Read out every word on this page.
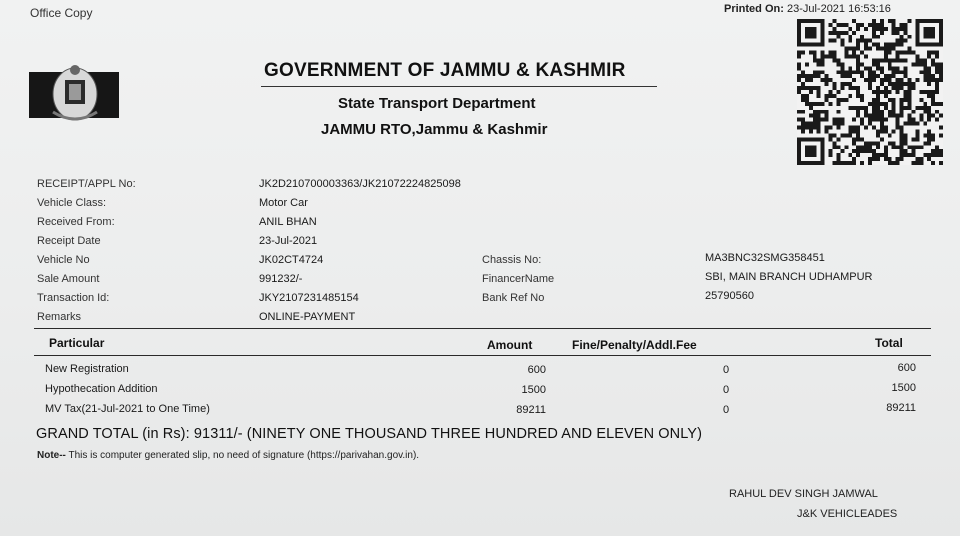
Office Copy	Printed On: 23-Jul-2021 16:53:16
GOVERNMENT OF JAMMU & KASHMIR
State Transport Department
JAMMU RTO,Jammu & Kashmir
RECEIPT/APPL No:	JK2D210700003363/JK21072224825098
Vehicle Class:	Motor Car
Received From:	ANIL BHAN
Receipt Date	23-Jul-2021
Vehicle No	JK02CT4724
Sale Amount	991232/-
Transaction Id:	JKY2107231485154
Remarks	ONLINE-PAYMENT
Chassis No:	MA3BNC32SMG358451
FinancerName	SBI, MAIN BRANCH UDHAMPUR
Bank Ref No	25790560
Particular	Amount	Fine/Penalty/Addl.Fee	Total
New Registration	600	0	600
Hypothecation Addition	1500	0	1500
MV Tax(21-Jul-2021 to One Time)	89211	0	89211
GRAND TOTAL (in Rs): 91311/- (NINETY ONE THOUSAND THREE HUNDRED AND ELEVEN ONLY)
Note-- This is computer generated slip, no need of signature (https://parivahan.gov.in).
RAHUL DEV SINGH JAMWAL
J&K VEHICLEADES
